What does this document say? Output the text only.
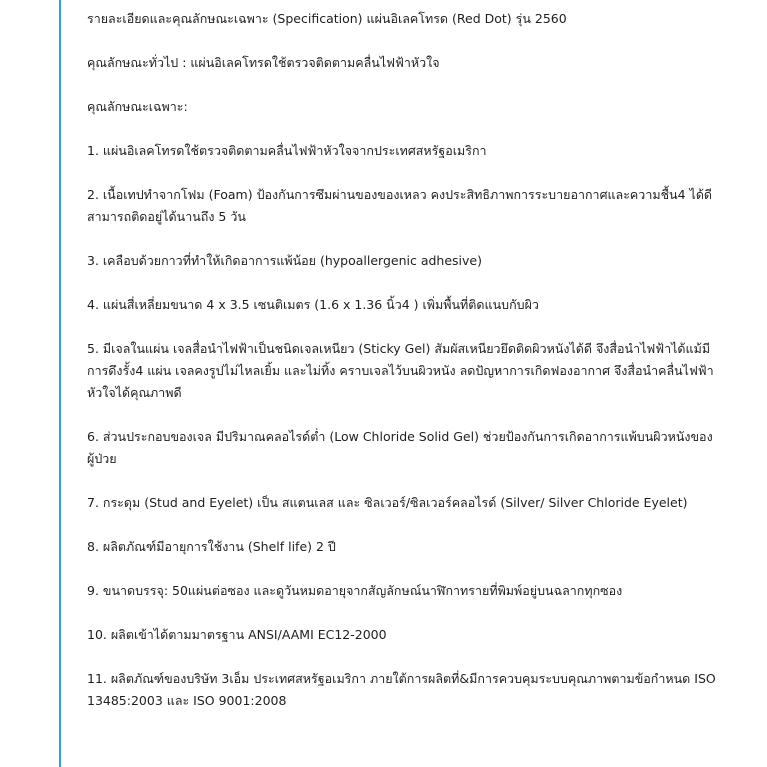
รายละเอียดและคุณลักษณะเฉพาะ (Specification) แผ่นอิเลคโทรด (Red Dot) รุ่น 2560

คุณลักษณะทั่วไป : แผ่นอิเลคโทรดใช้ตรวจติดตามคลื่นไฟฟ้าหัวใจ

คุณลักษณะเฉพาะ:

1. แผ่นอิเลคโทรดใช้ตรวจติดตามคลื่นไฟฟ้าหัวใจจากประเทศสหรัฐอเมริกา

2. เนื้อเทปทำจากโฟม (Foam) ป้องกันการซึมผ่านของของเหลว คงประสิทธิภาพการระบายอากาศและความชื้น4 ได้ดี สามารถติดอยู่ได้นานถึง 5 วัน

3. เคลือบด้วยกาวที่ทำให้เกิดอาการแพ้น้อย (hypoallergenic adhesive)

4. แผ่นสี่เหลี่ยมขนาด 4 x 3.5 เซนติเมตร (1.6 x 1.36 นิ้ว4 ) เพิ่มพื้นที่ติดแนบกับผิว

5. มีเจลในแผ่น เจลสื่อนำไฟฟ้าเป็นชนิดเจลเหนียว (Sticky Gel) สัมผัสเหนียวยึดติดผิวหนังได้ดี จึงสื่อนำไฟฟ้าได้แม้มีการดึงรั้ง4 แผ่น เจลคงรูปไม่ไหลเยิ้ม และไม่ทิ้ง คราบเจลไว้บนผิวหนัง ลดปัญหาการเกิดฟองอากาศ จึงสื่อนำคลื่นไฟฟ้าหัวใจได้คุณภาพดี

6. ส่วนประกอบของเจล มีปริมาณคลอไรด์ต่ำ (Low Chloride Solid Gel) ช่วยป้องกันการเกิดอาการแพ้บนผิวหนังของผู้ป่วย

7. กระดุม (Stud and Eyelet) เป็น สแตนเลส และ ซิลเวอร์/ซิลเวอร์คลอไรด์ (Silver/ Silver Chloride Eyelet)

8. ผลิตภัณฑ์มีอายุการใช้งาน (Shelf life) 2 ปี

9. ขนาดบรรจุ: 50แผ่นต่อซอง และดูวันหมดอายุจากสัญลักษณ์นาฬิกาทรายที่พิมพ์อยู่บนฉลากทุกซอง

10. ผลิตเข้าได้ตามมาตรฐาน ANSI/AAMI EC12-2000

11. ผลิตภัณฑ์ของบริษัท 3เอ็ม ประเทศสหรัฐอเมริกา ภายใต้การผลิตที่&มีการควบคุมระบบคุณภาพตามข้อกำหนด ISO 13485:2003 และ ISO 9001:2008
